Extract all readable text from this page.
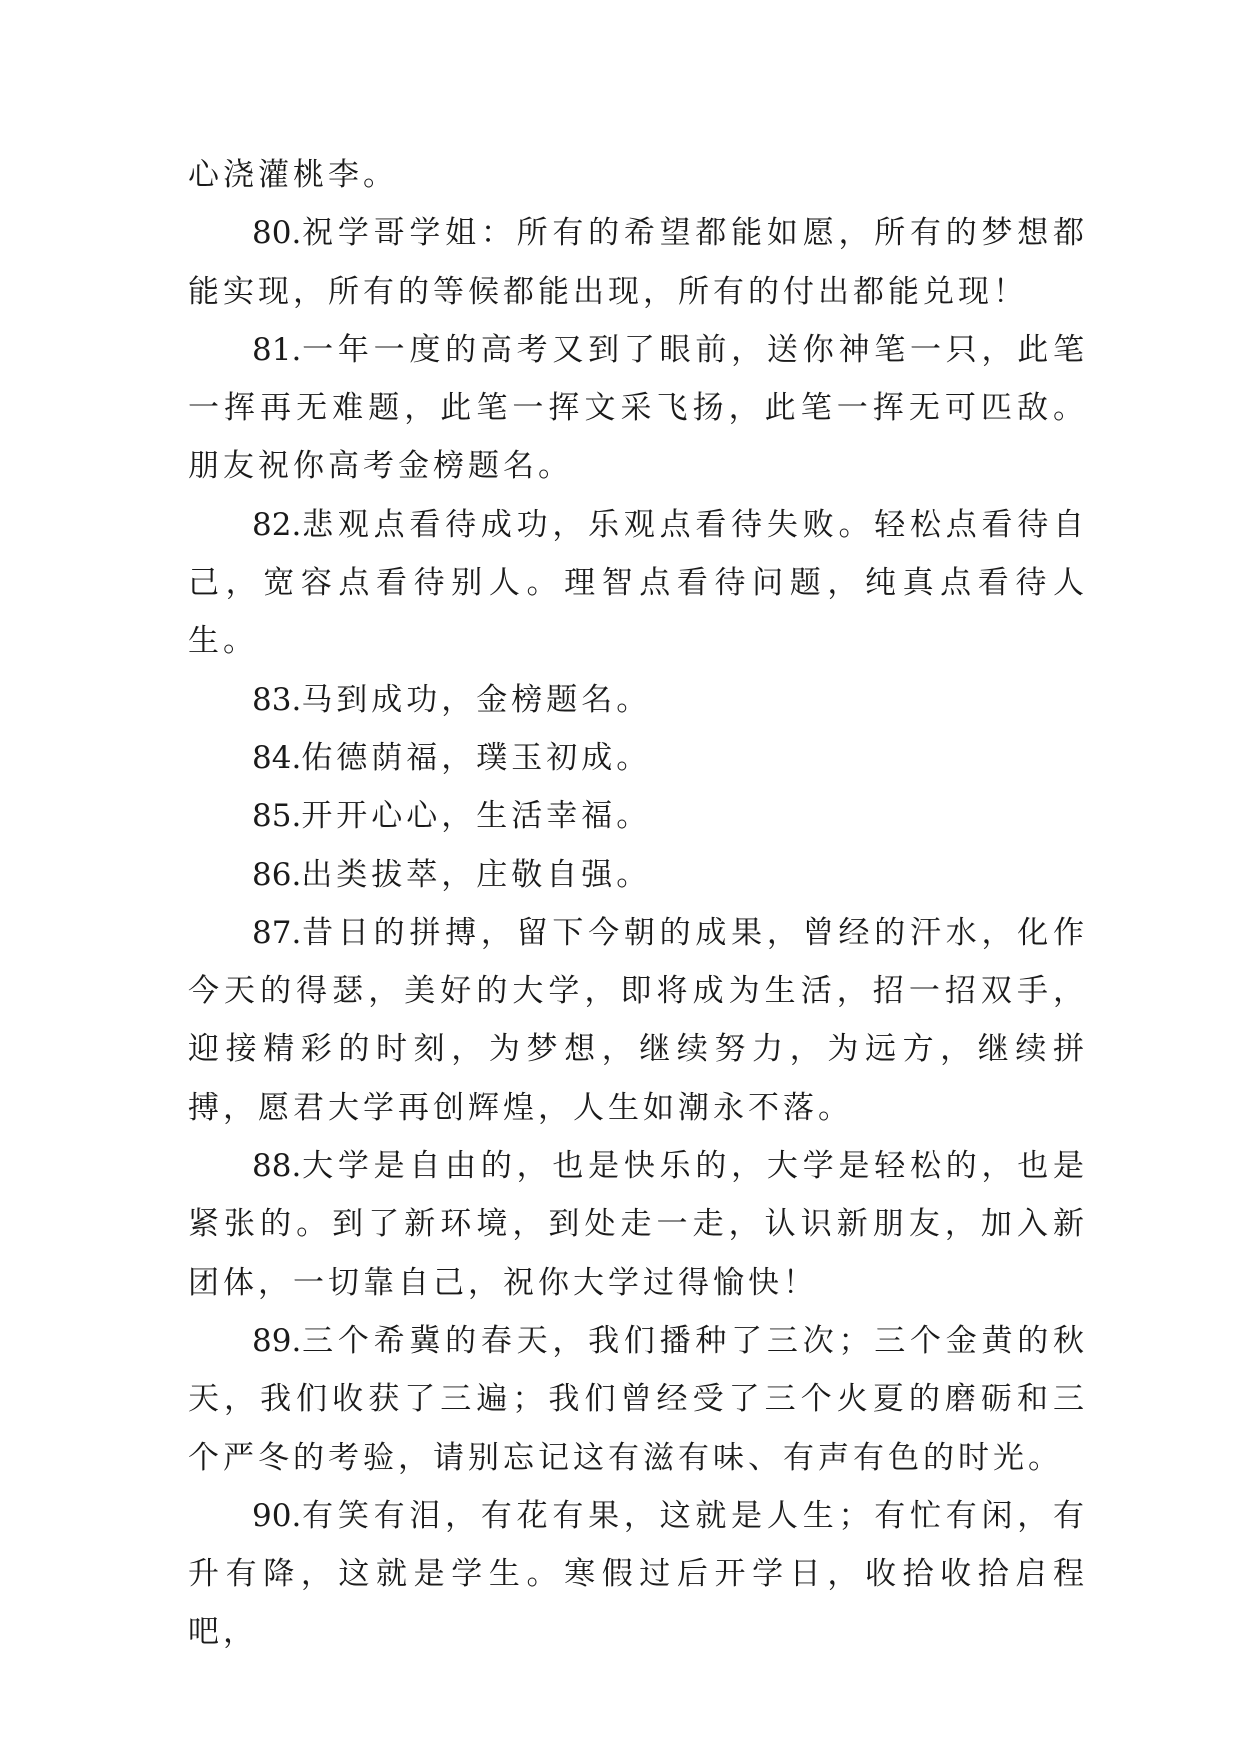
心浇灌桃李。

80.祝学哥学姐：所有的希望都能如愿，所有的梦想都能实现，所有的等候都能出现，所有的付出都能兑现！

81.一年一度的高考又到了眼前，送你神笔一只，此笔一挥再无难题，此笔一挥文采飞扬，此笔一挥无可匹敌。朋友祝你高考金榜题名。

82.悲观点看待成功，乐观点看待失败。轻松点看待自己，宽容点看待别人。理智点看待问题，纯真点看待人生。

83.马到成功，金榜题名。

84.佑德荫福，璞玉初成。

85.开开心心，生活幸福。

86.出类拔萃，庄敬自强。

87.昔日的拼搏，留下今朝的成果，曾经的汗水，化作今天的得瑟，美好的大学，即将成为生活，招一招双手，迎接精彩的时刻，为梦想，继续努力，为远方，继续拼搏，愿君大学再创辉煌，人生如潮永不落。

88.大学是自由的，也是快乐的，大学是轻松的，也是紧张的。到了新环境，到处走一走，认识新朋友，加入新团体，一切靠自己，祝你大学过得愉快！

89.三个希冀的春天，我们播种了三次；三个金黄的秋天，我们收获了三遍；我们曾经受了三个火夏的磨砺和三个严冬的考验，请别忘记这有滋有味、有声有色的时光。

90.有笑有泪，有花有果，这就是人生；有忙有闲，有升有降，这就是学生。寒假过后开学日，收拾收拾启程吧，
